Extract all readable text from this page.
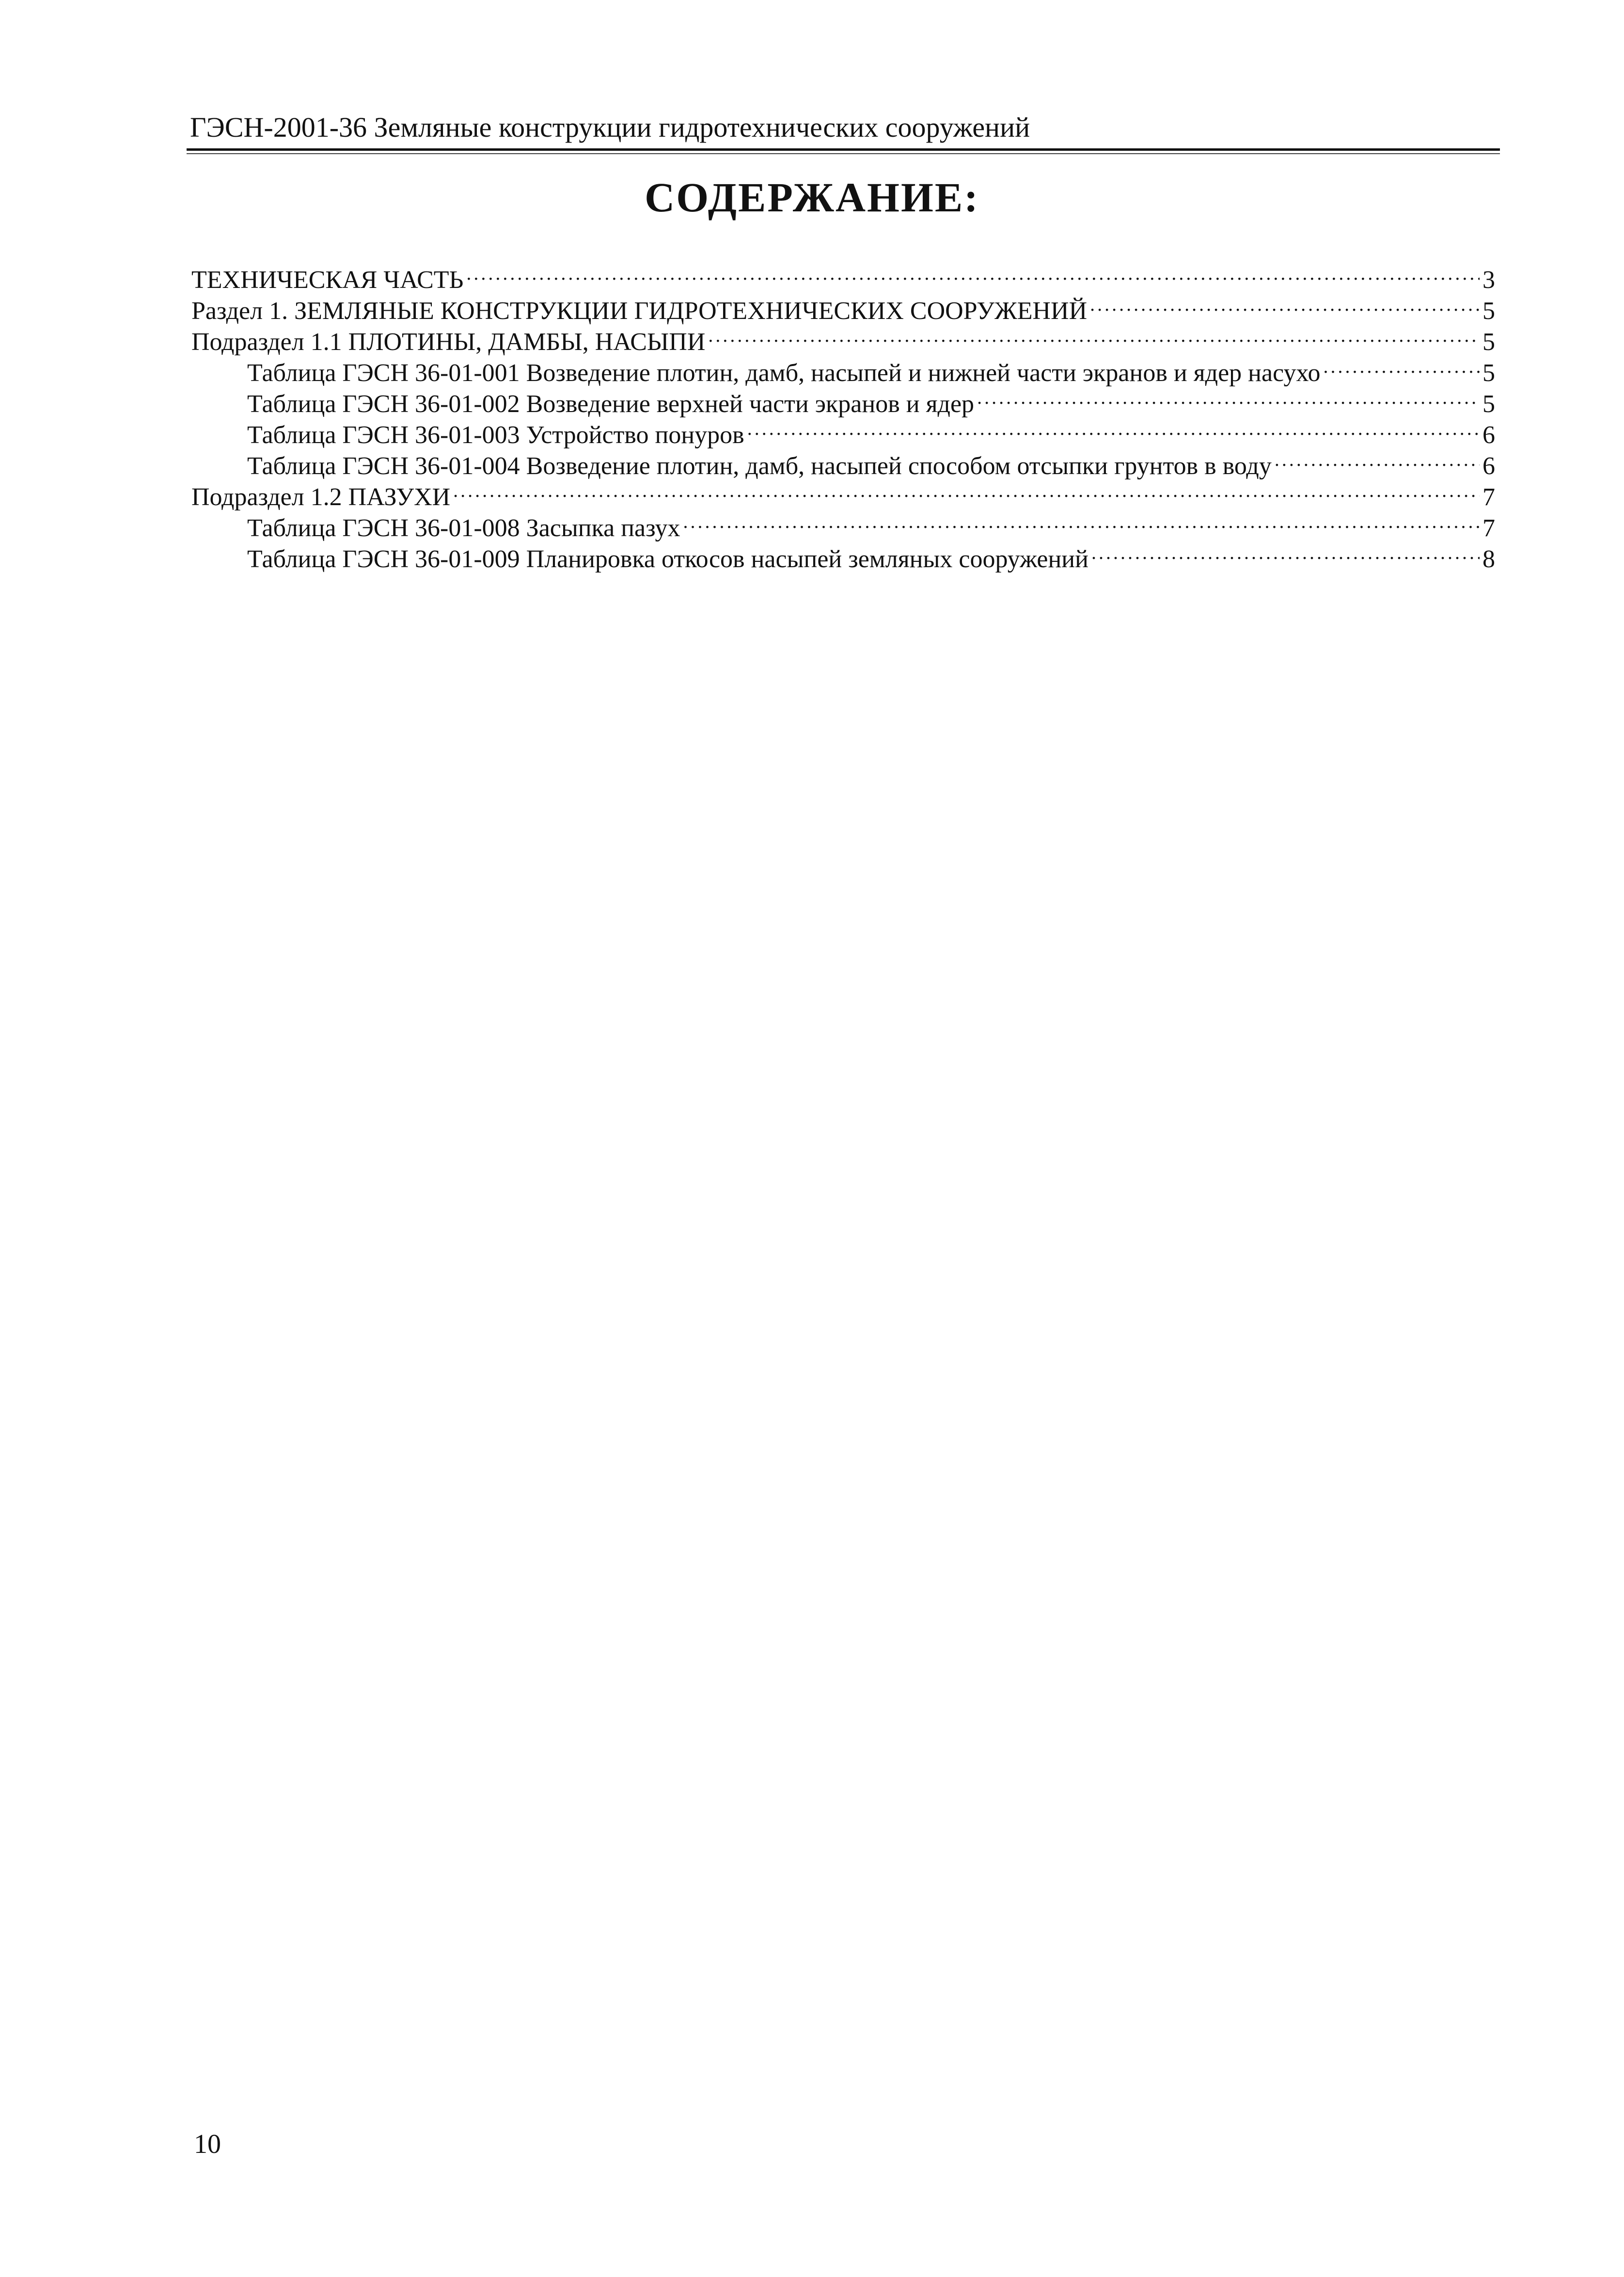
ГЭСН-2001-36 Земляные конструкции гидротехнических сооружений
СОДЕРЖАНИЕ:
ТЕХНИЧЕСКАЯ ЧАСТЬ .....	3
Раздел 1. ЗЕМЛЯНЫЕ КОНСТРУКЦИИ ГИДРОТЕХНИЧЕСКИХ СООРУЖЕНИЙ .....	5
Подраздел 1.1 ПЛОТИНЫ, ДАМБЫ, НАСЫПИ .....	5
Таблица ГЭСН 36-01-001 Возведение плотин, дамб, насыпей и нижней части экранов и ядер насухо .....	5
Таблица ГЭСН 36-01-002 Возведение верхней части экранов и ядер .....	5
Таблица ГЭСН 36-01-003 Устройство понуров .....	6
Таблица ГЭСН 36-01-004 Возведение плотин, дамб, насыпей способом отсыпки грунтов в воду .....	6
Подраздел 1.2 ПАЗУХИ .....	7
Таблица ГЭСН 36-01-008 Засыпка пазух .....	7
Таблица ГЭСН 36-01-009 Планировка откосов насыпей земляных сооружений .....	8
10
